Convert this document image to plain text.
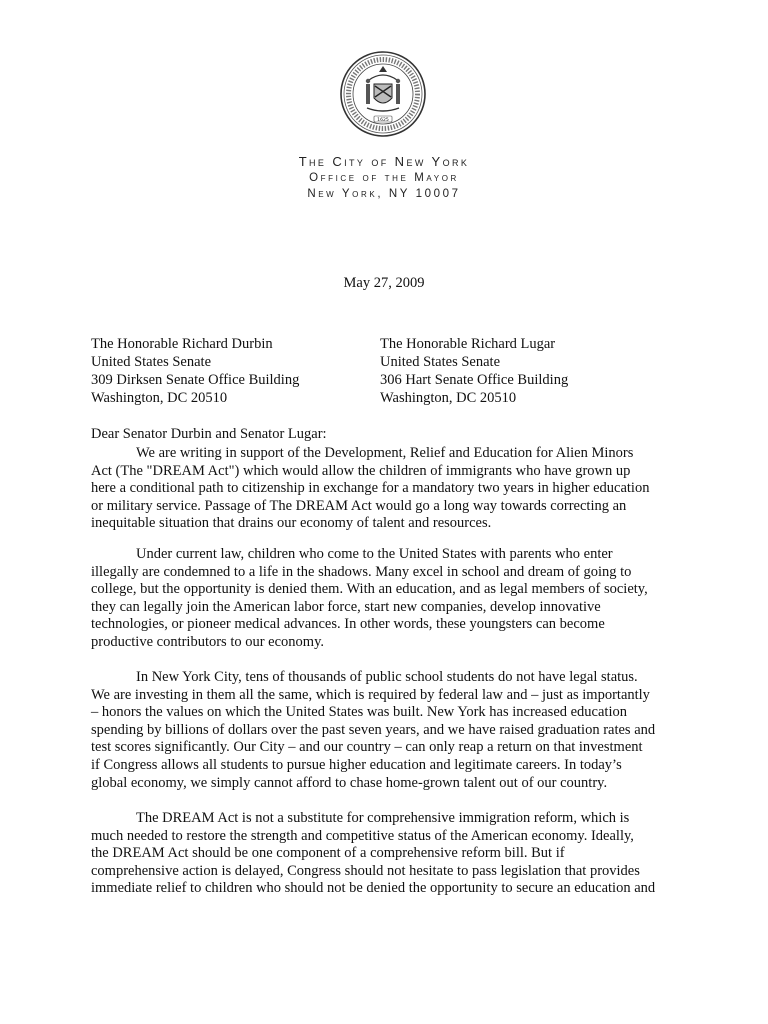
1625
The City of New York
Office of the Mayor
New York, NY 10007
May 27, 2009
The Honorable Richard Durbin
United States Senate
309 Dirksen Senate Office Building
Washington, DC 20510
The Honorable Richard Lugar
United States Senate
306 Hart Senate Office Building
Washington, DC 20510
Dear Senator Durbin and Senator Lugar:
We are writing in support of the Development, Relief and Education for Alien Minors
Act (The "DREAM Act") which would allow the children of immigrants who have grown up
here a conditional path to citizenship in exchange for a mandatory two years in higher education
or military service. Passage of The DREAM Act would go a long way towards correcting an
inequitable situation that drains our economy of talent and resources.
Under current law, children who come to the United States with parents who enter
illegally are condemned to a life in the shadows. Many excel in school and dream of going to
college, but the opportunity is denied them. With an education, and as legal members of society,
they can legally join the American labor force, start new companies, develop innovative
technologies, or pioneer medical advances. In other words, these youngsters can become
productive contributors to our economy.
In New York City, tens of thousands of public school students do not have legal status.
We are investing in them all the same, which is required by federal law and – just as importantly
– honors the values on which the United States was built. New York has increased education
spending by billions of dollars over the past seven years, and we have raised graduation rates and
test scores significantly. Our City – and our country – can only reap a return on that investment
if Congress allows all students to pursue higher education and legitimate careers. In today’s
global economy, we simply cannot afford to chase home-grown talent out of our country.
The DREAM Act is not a substitute for comprehensive immigration reform, which is
much needed to restore the strength and competitive status of the American economy. Ideally,
the DREAM Act should be one component of a comprehensive reform bill. But if
comprehensive action is delayed, Congress should not hesitate to pass legislation that provides
immediate relief to children who should not be denied the opportunity to secure an education and
